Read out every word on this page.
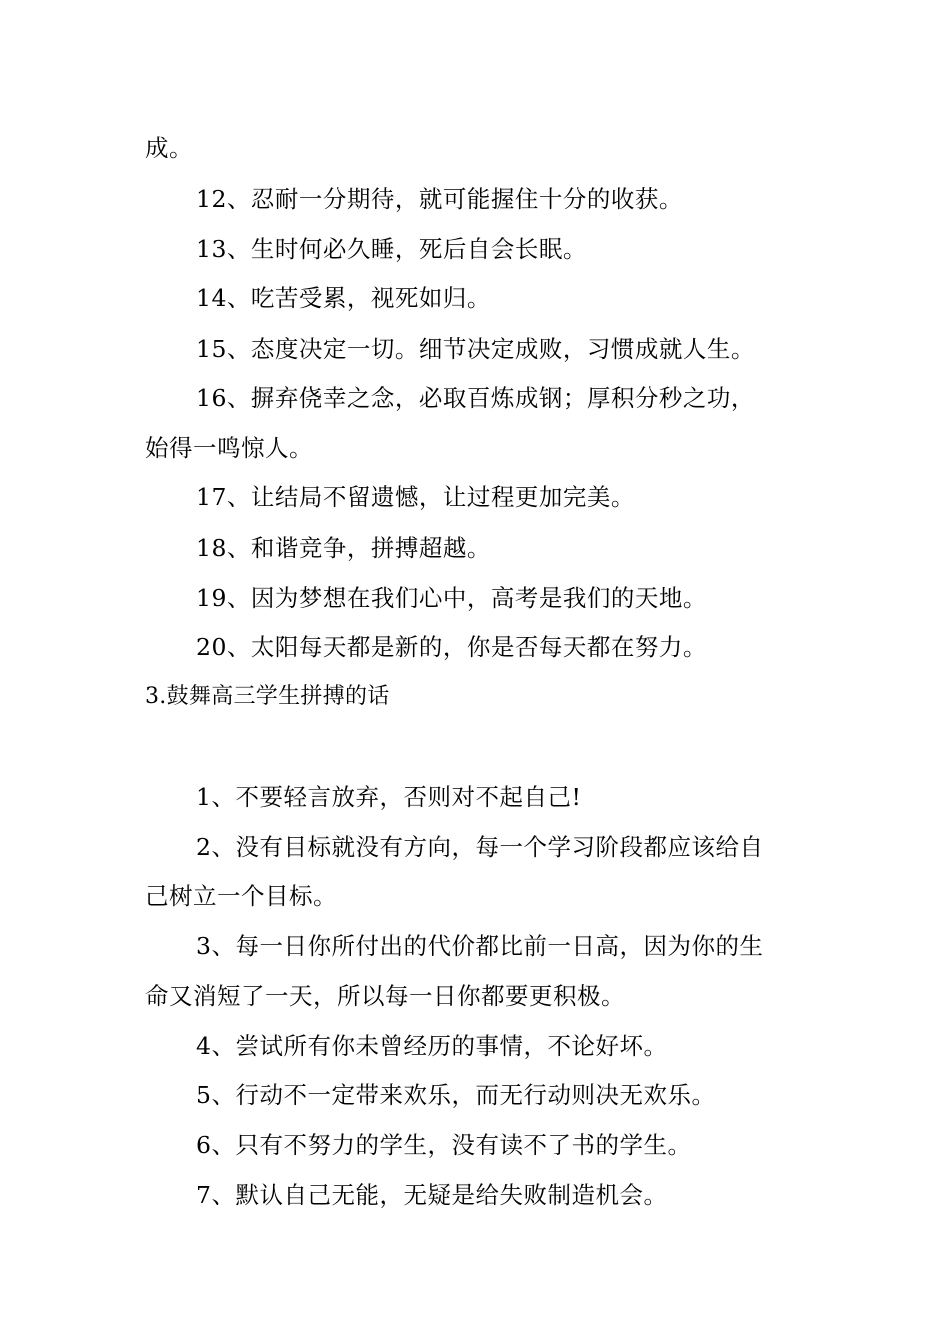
成。
12、忍耐一分期待，就可能握住十分的收获。
13、生时何必久睡，死后自会长眠。
14、吃苦受累，视死如归。
15、态度决定一切。细节决定成败，习惯成就人生。
16、摒弃侥幸之念，必取百炼成钢；厚积分秒之功，
始得一鸣惊人。
17、让结局不留遗憾，让过程更加完美。
18、和谐竞争，拼搏超越。
19、因为梦想在我们心中，高考是我们的天地。
20、太阳每天都是新的，你是否每天都在努力。
3.鼓舞高三学生拼搏的话
1、不要轻言放弃，否则对不起自己!
2、没有目标就没有方向，每一个学习阶段都应该给自
己树立一个目标。
3、每一日你所付出的代价都比前一日高，因为你的生
命又消短了一天，所以每一日你都要更积极。
4、尝试所有你未曾经历的事情，不论好坏。
5、行动不一定带来欢乐，而无行动则决无欢乐。
6、只有不努力的学生，没有读不了书的学生。
7、默认自己无能，无疑是给失败制造机会。
